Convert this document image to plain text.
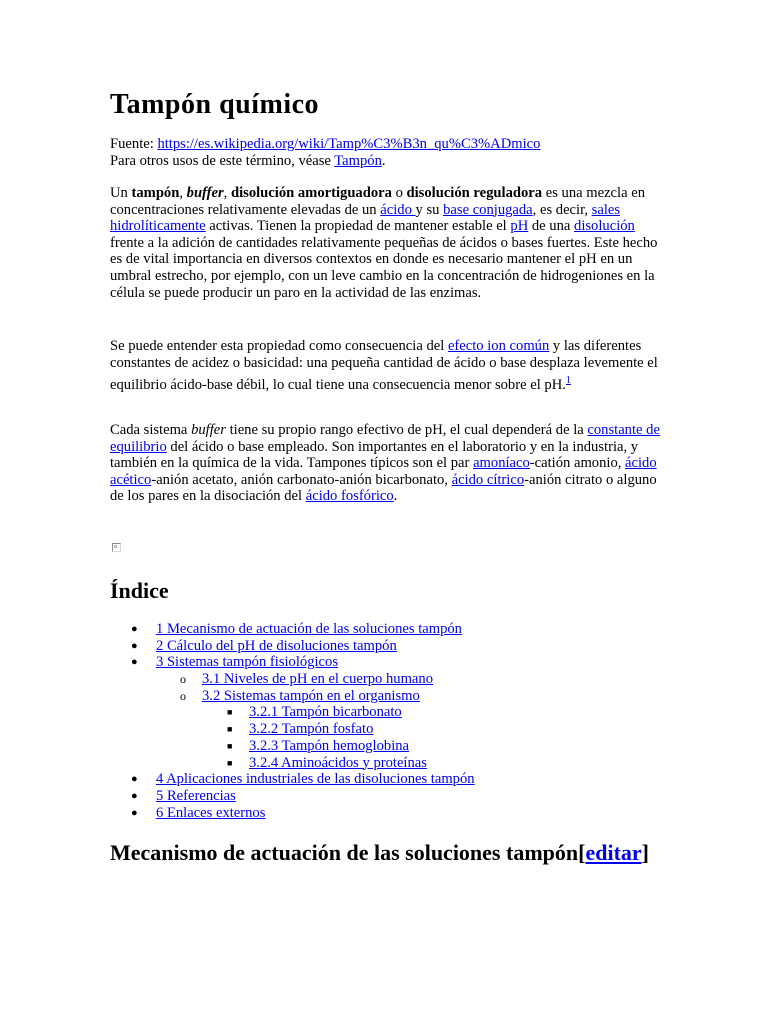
Tampón químico

Fuente: https://es.wikipedia.org/wiki/Tamp%C3%B3n_qu%C3%ADmico
Para otros usos de este término, véase Tampón.

Un tampón, buffer, disolución amortiguadora o disolución reguladora es una mezcla en concentraciones relativamente elevadas de un ácido y su base conjugada, es decir, sales hidrolíticamente activas. Tienen la propiedad de mantener estable el pH de una disolución frente a la adición de cantidades relativamente pequeñas de ácidos o bases fuertes. Este hecho es de vital importancia en diversos contextos en donde es necesario mantener el pH en un umbral estrecho, por ejemplo, con un leve cambio en la concentración de hidrogeniones en la célula se puede producir un paro en la actividad de las enzimas.

Se puede entender esta propiedad como consecuencia del efecto ion común y las diferentes constantes de acidez o basicidad: una pequeña cantidad de ácido o base desplaza levemente el equilibrio ácido-base débil, lo cual tiene una consecuencia menor sobre el pH.$^1$

Cada sistema buffer tiene su propio rango efectivo de pH, el cual dependerá de la constante de equilibrio del ácido o base empleado. Son importantes en el laboratorio y en la industria, y también en la química de la vida. Tampones típicos son el par amoníaco-catión amonio, ácido acético-anión acetato, anión carbonato-anión bicarbonato, ácido cítrico-anión citrato o alguno de los pares en la disociación del ácido fosfórico.

Índice
● 1 Mecanismo de actuación de las soluciones tampón
● 2 Cálculo del pH de disoluciones tampón
● 3 Sistemas tampón fisiológicos
o 3.1 Niveles de pH en el cuerpo humano
o 3.2 Sistemas tampón en el organismo
■ 3.2.1 Tampón bicarbonato
■ 3.2.2 Tampón fosfato
■ 3.2.3 Tampón hemoglobina
■ 3.2.4 Aminoácidos y proteínas
● 4 Aplicaciones industriales de las disoluciones tampón
● 5 Referencias
● 6 Enlaces externos
Mecanismo de actuación de las soluciones tampón[editar]
